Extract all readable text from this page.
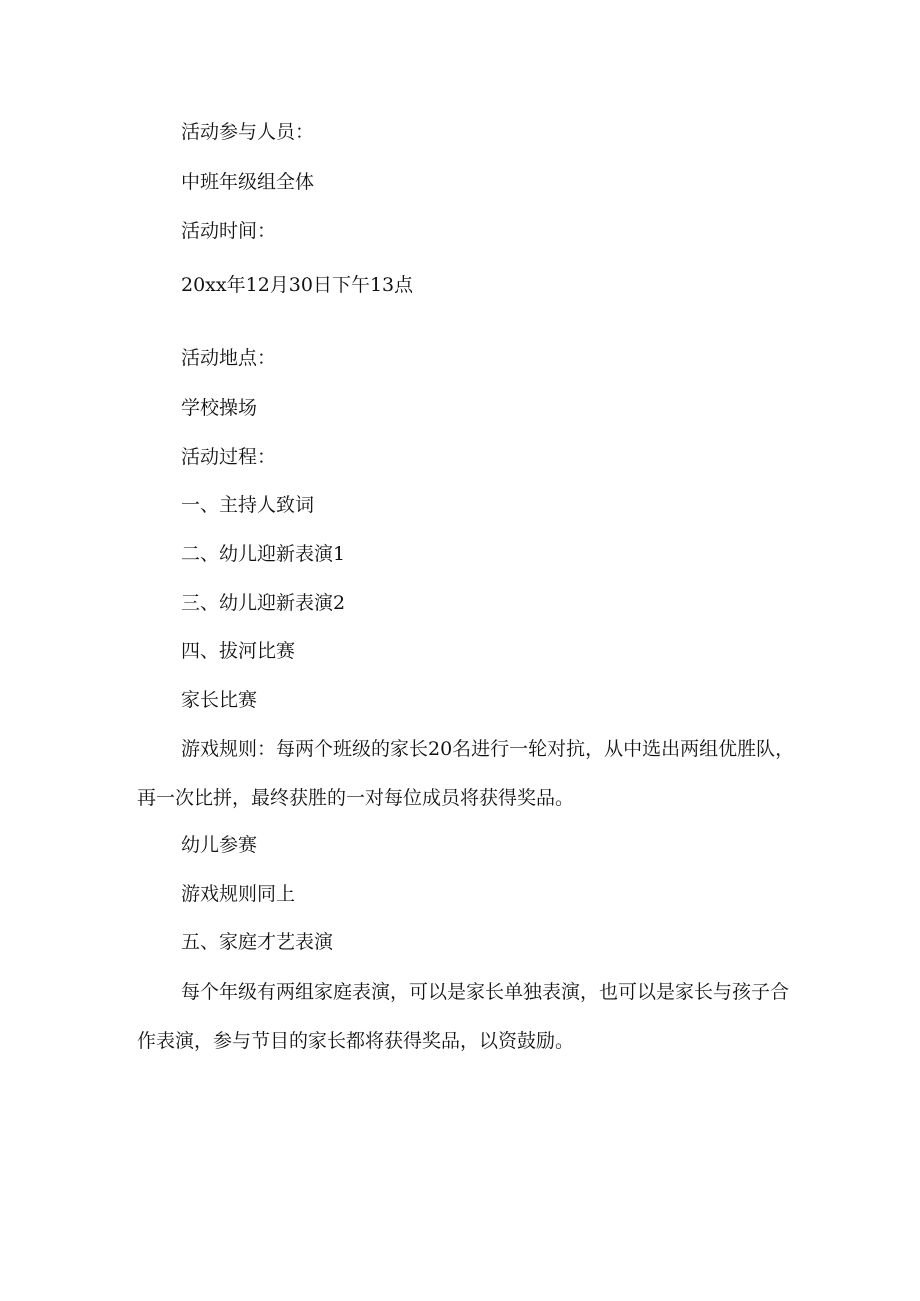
活动参与人员：
中班年级组全体
活动时间：
20xx年12月30日下午13点
活动地点：
学校操场
活动过程：
一、主持人致词
二、幼儿迎新表演1
三、幼儿迎新表演2
四、拔河比赛
家长比赛
游戏规则：每两个班级的家长20名进行一轮对抗，从中选出两组优胜队，再一次比拼，最终获胜的一对每位成员将获得奖品。
幼儿参赛
游戏规则同上
五、家庭才艺表演
每个年级有两组家庭表演，可以是家长单独表演，也可以是家长与孩子合作表演，参与节目的家长都将获得奖品，以资鼓励。
